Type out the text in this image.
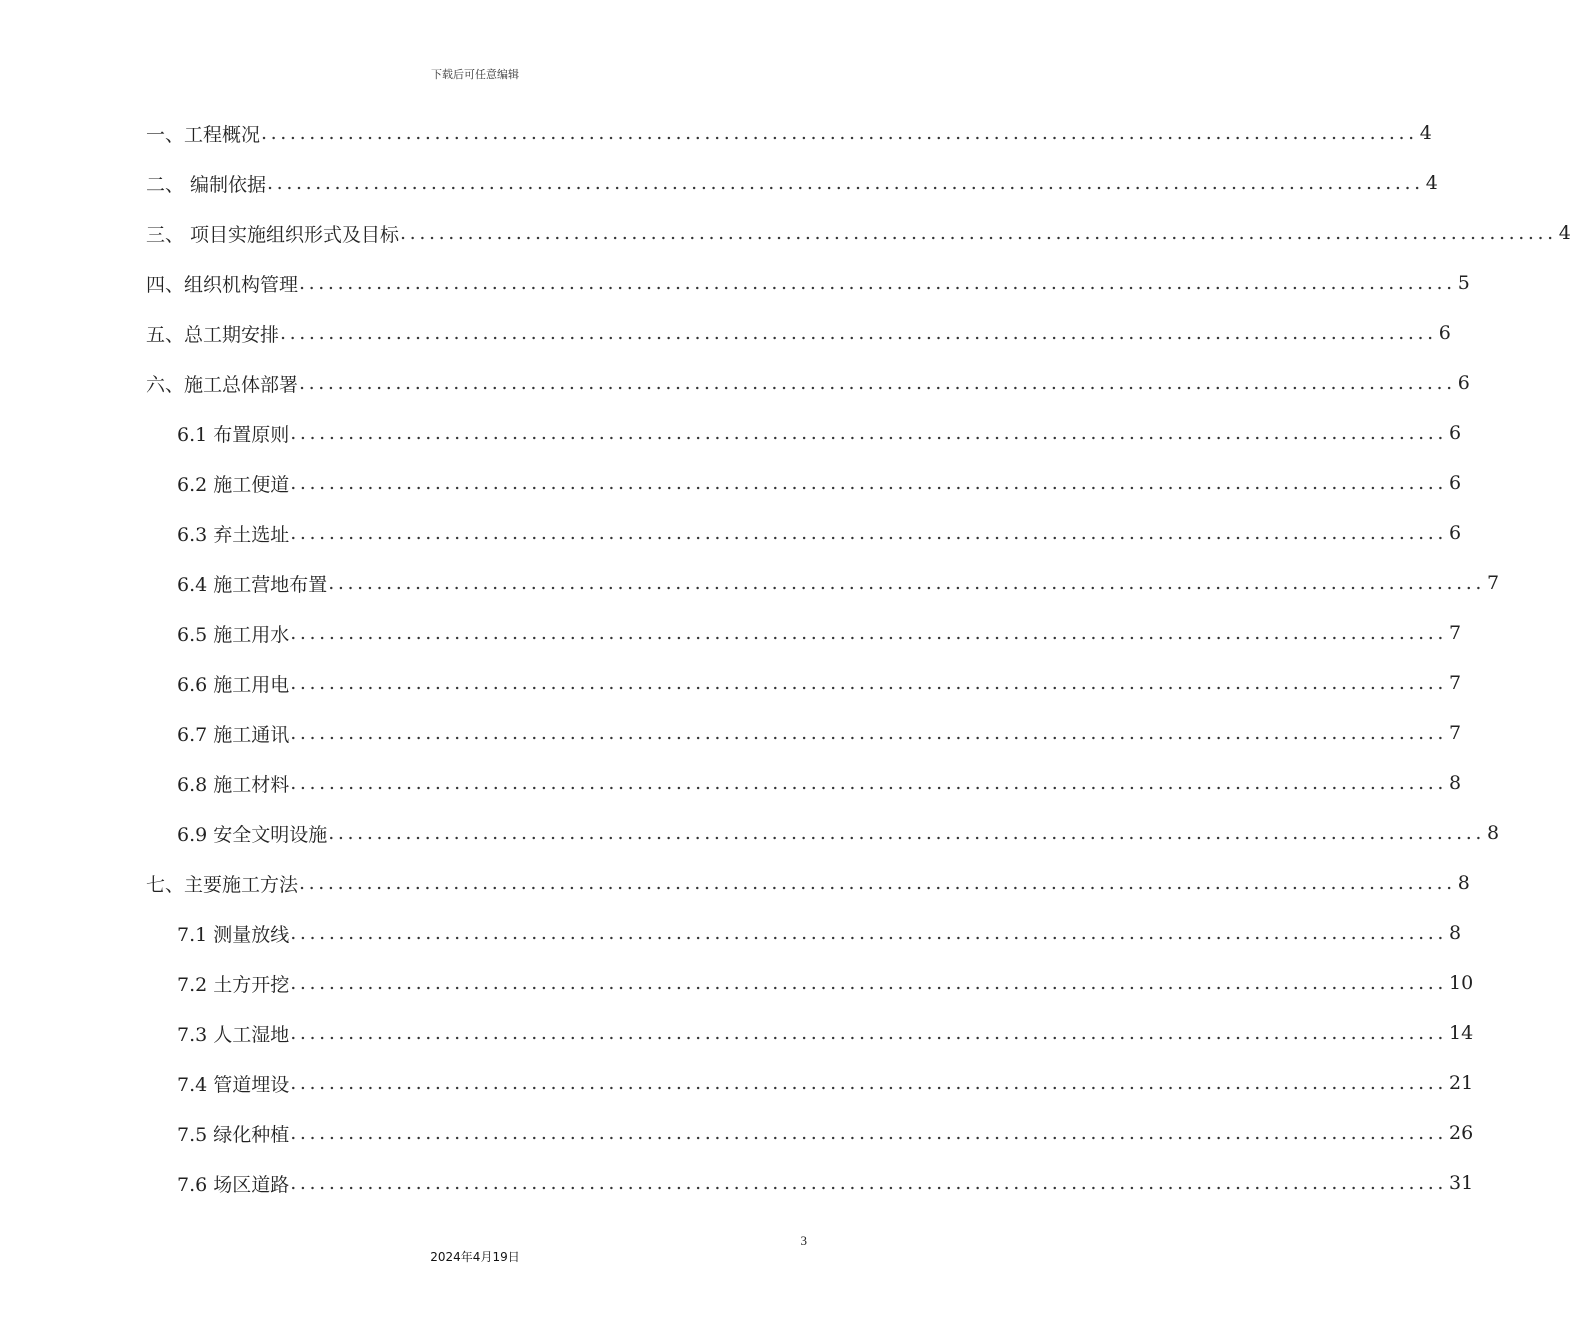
下载后可任意编辑
一、工程概况 ........................................................................................................................ 4
二、 编制依据 ........................................................................................................................ 4
三、 项目实施组织形式及目标 ........................................................................................................................ 4
四、组织机构管理 ........................................................................................................................ 5
五、总工期安排 ........................................................................................................................ 6
六、施工总体部署 ........................................................................................................................ 6
6.1 布置原则 ........................................................................................................................ 6
6.2 施工便道 ........................................................................................................................ 6
6.3 弃土选址 ........................................................................................................................ 6
6.4 施工营地布置 ........................................................................................................................ 7
6.5 施工用水 ........................................................................................................................ 7
6.6 施工用电 ........................................................................................................................ 7
6.7 施工通讯 ........................................................................................................................ 7
6.8 施工材料 ........................................................................................................................ 8
6.9 安全文明设施 ........................................................................................................................ 8
七、主要施工方法 ........................................................................................................................ 8
7.1 测量放线 ........................................................................................................................ 8
7.2 土方开挖 ........................................................................................................................ 10
7.3 人工湿地 ........................................................................................................................ 14
7.4 管道埋设 ........................................................................................................................ 21
7.5 绿化种植 ........................................................................................................................ 26
7.6 场区道路 ........................................................................................................................ 31
3
2024年4月19日
